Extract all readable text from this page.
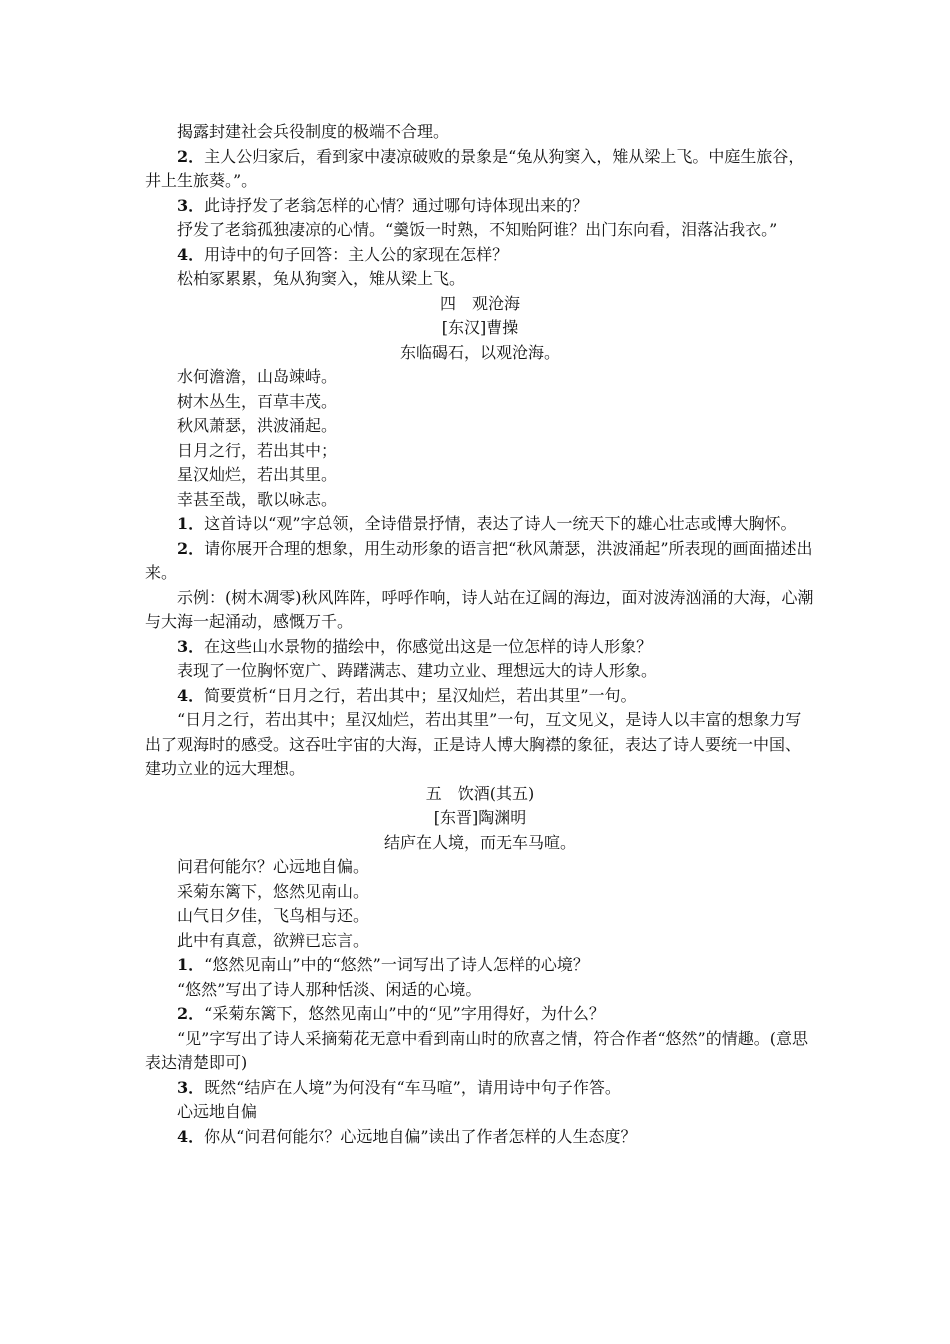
揭露封建社会兵役制度的极端不合理。

2．主人公归家后，看到家中凄凉破败的景象是“兔从狗窦入，雉从梁上飞。中庭生旅谷，井上生旅葵。”。

3．此诗抒发了老翁怎样的心情？通过哪句诗体现出来的？

抒发了老翁孤独凄凉的心情。“羹饭一时熟，不知贻阿谁？出门东向看，泪落沾我衣。”

4．用诗中的句子回答：主人公的家现在怎样？

松柏冢累累，兔从狗窦入，雉从梁上飞。

四　观沧海

[东汉]曹操

东临碣石，以观沧海。

水何澹澹，山岛竦峙。

树木丛生，百草丰茂。

秋风萧瑟，洪波涌起。

日月之行，若出其中；

星汉灿烂，若出其里。

幸甚至哉，歌以咏志。

1．这首诗以“观”字总领，全诗借景抒情，表达了诗人一统天下的雄心壮志或博大胸怀。

2．请你展开合理的想象，用生动形象的语言把“秋风萧瑟，洪波涌起”所表现的画面描述出来。

示例：(树木凋零)秋风阵阵，呼呼作响，诗人站在辽阔的海边，面对波涛汹涌的大海，心潮与大海一起涌动，感慨万千。

3．在这些山水景物的描绘中，你感觉出这是一位怎样的诗人形象？

表现了一位胸怀宽广、踌躇满志、建功立业、理想远大的诗人形象。

4．简要赏析“日月之行，若出其中；星汉灿烂，若出其里”一句。

“日月之行，若出其中；星汉灿烂，若出其里”一句，互文见义，是诗人以丰富的想象力写出了观海时的感受。这吞吐宇宙的大海，正是诗人博大胸襟的象征，表达了诗人要统一中国、建功立业的远大理想。

五　饮酒(其五)

[东晋]陶渊明

结庐在人境，而无车马喧。

问君何能尔？心远地自偏。

采菊东篱下，悠然见南山。

山气日夕佳，飞鸟相与还。

此中有真意，欲辨已忘言。

1．“悠然见南山”中的“悠然”一词写出了诗人怎样的心境？

“悠然”写出了诗人那种恬淡、闲适的心境。

2．“采菊东篱下，悠然见南山”中的“见”字用得好，为什么？

“见”字写出了诗人采摘菊花无意中看到南山时的欣喜之情，符合作者“悠然”的情趣。(意思表达清楚即可)

3．既然“结庐在人境”为何没有“车马喧”，请用诗中句子作答。

心远地自偏

4．你从“问君何能尔？心远地自偏”读出了作者怎样的人生态度？
